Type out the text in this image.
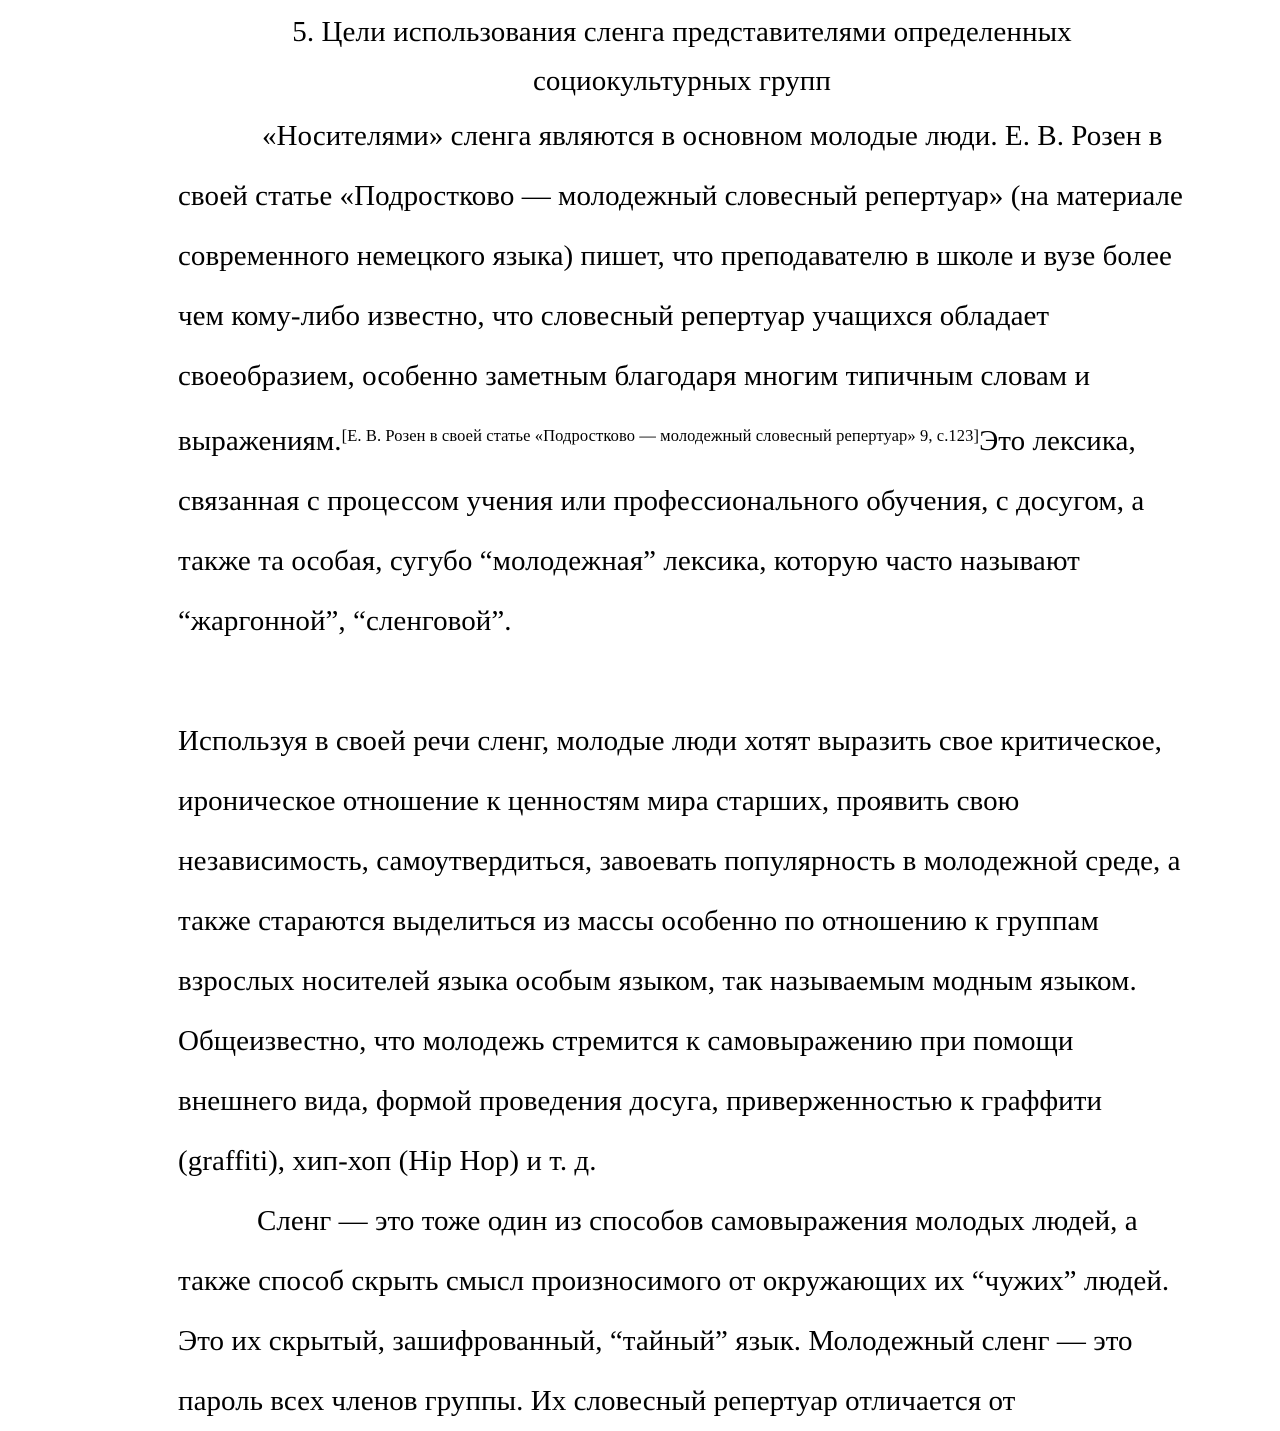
5. Цели использования сленга представителями определенных
социокультурных групп

«Носителями» сленга являются в основном молодые люди. Е. В. Розен в своей статье «Подростково — молодежный словесный репертуар» (на материале современного немецкого языка) пишет, что преподавателю в школе и вузе более чем кому-либо известно, что словесный репертуар учащихся обладает своеобразием, особенно заметным благодаря многим типичным словам и выражениям.[Е. В. Розен в своей статье «Подростково — молодежный словесный репертуар» 9, с.123]Это лексика, связанная с процессом учения или профессионального обучения, с досугом, а также та особая, сугубо “молодежная” лексика, которую часто называют “жаргонной”, “сленговой”.

Используя в своей речи сленг, молодые люди хотят выразить свое критическое, ироническое отношение к ценностям мира старших, проявить свою независимость, самоутвердиться, завоевать популярность в молодежной среде, а также стараются выделиться из массы особенно по отношению к группам взрослых носителей языка особым языком, так называемым модным языком. Общеизвестно, что молодежь стремится к самовыражению при помощи внешнего вида, формой проведения досуга, приверженностью к граффити (graffiti), хип-хоп (Hip Hop) и т. д.

Сленг — это тоже один из способов самовыражения молодых людей, а также способ скрыть смысл произносимого от окружающих их “чужих” людей. Это их скрытый, зашифрованный, “тайный” язык. Молодежный сленг — это пароль всех членов группы. Их словесный репертуар отличается от
